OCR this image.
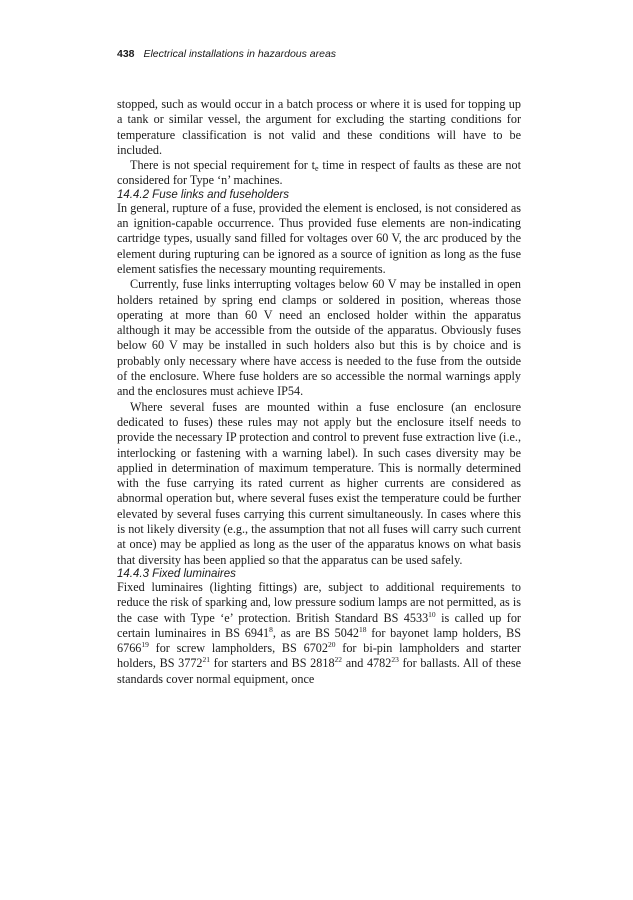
438 Electrical installations in hazardous areas

stopped, such as would occur in a batch process or where it is used for topping up a tank or similar vessel, the argument for excluding the starting conditions for temperature classification is not valid and these conditions will have to be included.

There is not special requirement for $t_e$ time in respect of faults as these are not considered for Type ‘n’ machines.

14.4.2 Fuse links and fuseholders

In general, rupture of a fuse, provided the element is enclosed, is not considered as an ignition-capable occurrence. Thus provided fuse elements are non-indicating cartridge types, usually sand filled for voltages over 60 V, the arc produced by the element during rupturing can be ignored as a source of ignition as long as the fuse element satisfies the necessary mounting requirements.

Currently, fuse links interrupting voltages below 60 V may be installed in open holders retained by spring end clamps or soldered in position, whereas those operating at more than 60 V need an enclosed holder within the apparatus although it may be accessible from the outside of the apparatus. Obviously fuses below 60 V may be installed in such holders also but this is by choice and is probably only necessary where have access is needed to the fuse from the outside of the enclosure. Where fuse holders are so accessible the normal warnings apply and the enclosures must achieve IP54.

Where several fuses are mounted within a fuse enclosure (an enclosure dedicated to fuses) these rules may not apply but the enclosure itself needs to provide the necessary IP protection and control to prevent fuse extraction live (i.e., interlocking or fastening with a warning label). In such cases diversity may be applied in determination of maximum temperature. This is normally determined with the fuse carrying its rated current as higher currents are considered as abnormal operation but, where several fuses exist the temperature could be further elevated by several fuses carrying this current simultaneously. In cases where this is not likely diversity (e.g., the assumption that not all fuses will carry such current at once) may be applied as long as the user of the apparatus knows on what basis that diversity has been applied so that the apparatus can be used safely.

14.4.3 Fixed luminaires

Fixed luminaires (lighting fittings) are, subject to additional requirements to reduce the risk of sparking and, low pressure sodium lamps are not permitted, as is the case with Type ‘e’ protection. British Standard BS 4533$^{10}$ is called up for certain luminaires in BS 6941$^8$, as are BS 5042$^{18}$ for bayonet lamp holders, BS 6766$^{19}$ for screw lampholders, BS 6702$^{20}$ for bi-pin lampholders and starter holders, BS 3772$^{21}$ for starters and BS 2818$^{22}$ and 4782$^{23}$ for ballasts. All of these standards cover normal equipment, once
